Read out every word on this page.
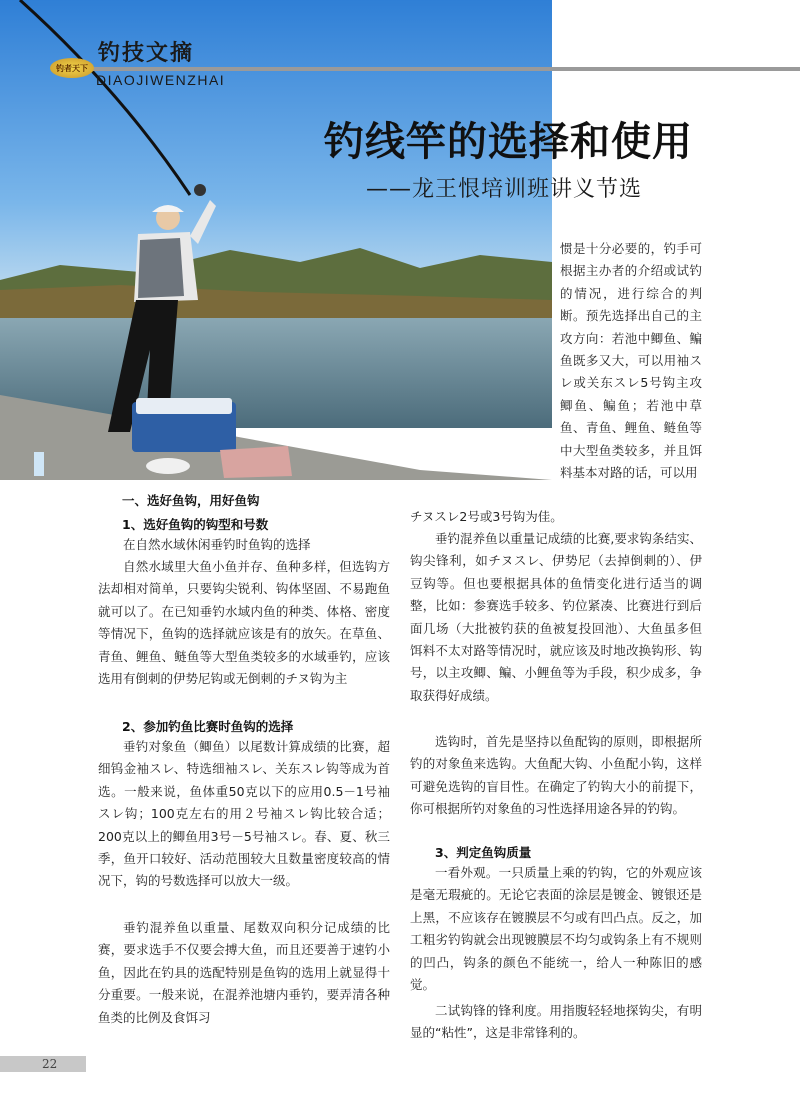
钓者天下
钓技文摘
DIAOJIWENZHAI
钓线竿的选择和使用
——龙王恨培训班讲义节选

惯是十分必要的，钓手可根据主办者的介绍或试钓的情况，进行综合的判断。预先选择出自己的主攻方向：若池中鲫鱼、鳊鱼既多又大，可以用袖スレ或关东スレ5号钩主攻鲫鱼、鳊鱼；若池中草鱼、青鱼、鲤鱼、鲢鱼等中大型鱼类较多，并且饵料基本对路的话，可以用

一、选好鱼钩，用好鱼钩

1、选好鱼钩的钩型和号数

在自然水域休闲垂钓时鱼钩的选择

自然水域里大鱼小鱼并存、鱼种多样，但选钩方法却相对简单，只要钩尖锐利、钩体坚固、不易跑鱼就可以了。在已知垂钓水域内鱼的种类、体格、密度等情况下，鱼钩的选择就应该是有的放矢。在草鱼、青鱼、鲤鱼、鲢鱼等大型鱼类较多的水域垂钓，应该选用有倒刺的伊势尼钩或无倒刺的チヌ钩为主

2、参加钓鱼比赛时鱼钩的选择

垂钓对象鱼（鲫鱼）以尾数计算成绩的比赛，超细钨金袖スレ、特选细袖スレ、关东スレ钩等成为首选。一般来说，鱼体重50克以下的应用0.5－1号袖スレ钩；100克左右的用２号袖スレ钩比较合适；200克以上的鲫鱼用3号－5号袖スレ。春、夏、秋三季，鱼开口较好、活动范围较大且数量密度较高的情况下，钩的号数选择可以放大一级。

垂钓混养鱼以重量、尾数双向积分记成绩的比赛，要求选手不仅要会搏大鱼，而且还要善于速钓小鱼，因此在钓具的选配特别是鱼钩的选用上就显得十分重要。一般来说，在混养池塘内垂钓，要弄清各种鱼类的比例及食饵习

チヌスレ2号或3号钩为佳。

垂钓混养鱼以重量记成绩的比赛,要求钩条结实、钩尖锋利，如チヌスレ、伊势尼（去掉倒刺的）、伊豆钩等。但也要根据具体的鱼情变化进行适当的调整，比如：参赛选手较多、钓位紧凑、比赛进行到后面几场（大批被钓获的鱼被复投回池）、大鱼虽多但饵料不太对路等情况时，就应该及时地改换钩形、钩号，以主攻鲫、鳊、小鲤鱼等为手段，积少成多，争取获得好成绩。

选钩时，首先是坚持以鱼配钩的原则，即根据所钓的对象鱼来选钩。大鱼配大钩、小鱼配小钩，这样可避免选钩的盲目性。在确定了钓钩大小的前提下，你可根据所钓对象鱼的习性选择用途各异的钓钩。

3、判定鱼钩质量

一看外观。一只质量上乘的钓钩，它的外观应该是毫无瑕疵的。无论它表面的涂层是镀金、镀银还是上黑，不应该存在镀膜层不匀或有凹凸点。反之，加工粗劣钓钩就会出现镀膜层不均匀或钩条上有不规则的凹凸，钩条的颜色不能统一，给人一种陈旧的感觉。

二试钩锋的锋利度。用指腹轻轻地探钩尖，有明显的“粘性”，这是非常锋利的。

22
